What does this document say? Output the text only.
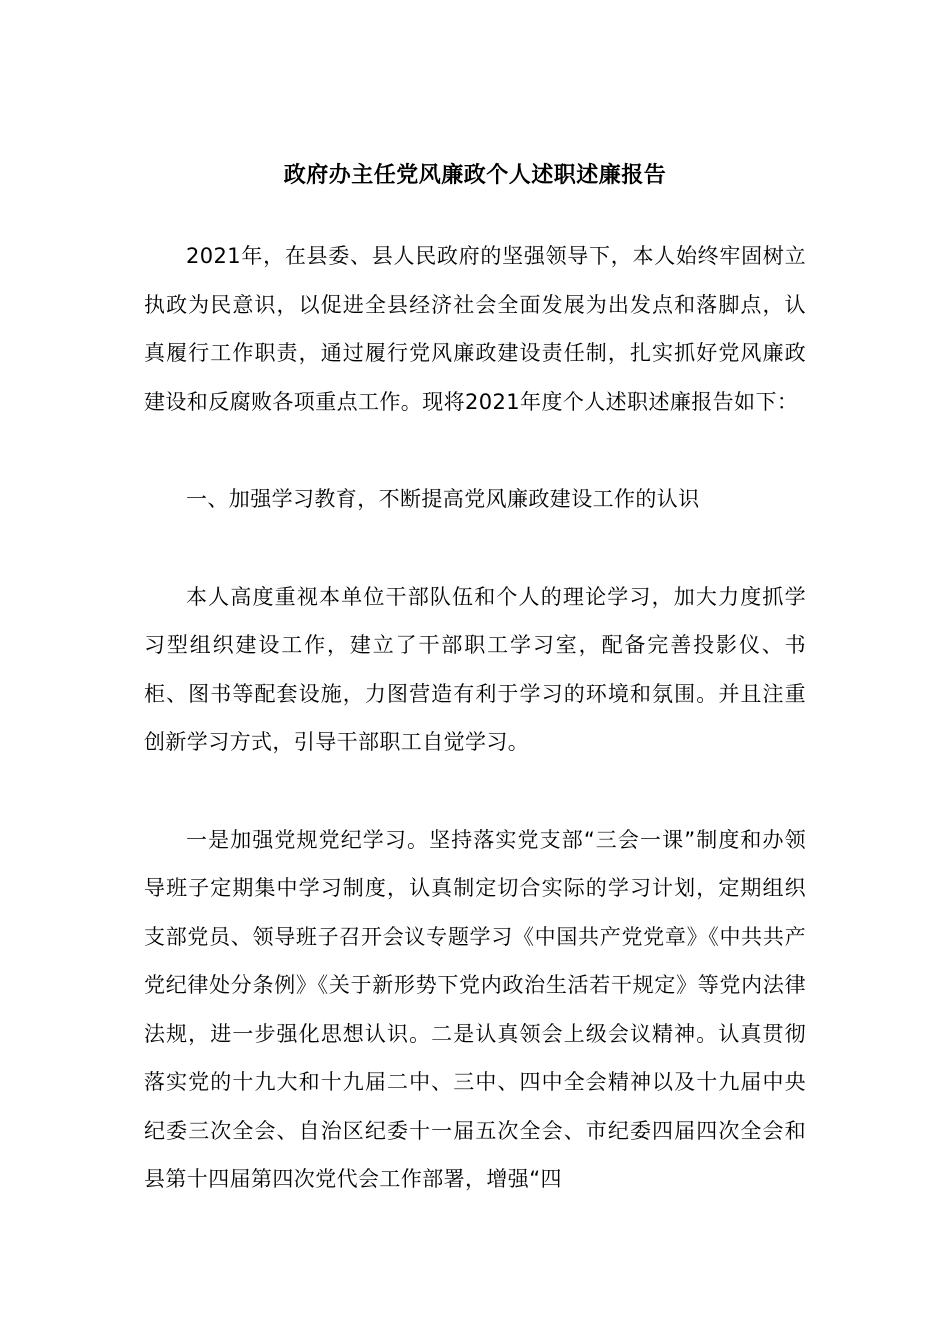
政府办主任党风廉政个人述职述廉报告

2021年，在县委、县人民政府的坚强领导下，本人始终牢固树立执政为民意识，以促进全县经济社会全面发展为出发点和落脚点，认真履行工作职责，通过履行党风廉政建设责任制，扎实抓好党风廉政建设和反腐败各项重点工作。现将2021年度个人述职述廉报告如下：

一、加强学习教育，不断提高党风廉政建设工作的认识

本人高度重视本单位干部队伍和个人的理论学习，加大力度抓学习型组织建设工作，建立了干部职工学习室，配备完善投影仪、书柜、图书等配套设施，力图营造有利于学习的环境和氛围。并且注重创新学习方式，引导干部职工自觉学习。

一是加强党规党纪学习。坚持落实党支部“三会一课”制度和办领导班子定期集中学习制度，认真制定切合实际的学习计划，定期组织支部党员、领导班子召开会议专题学习《中国共产党党章》《中共共产党纪律处分条例》《关于新形势下党内政治生活若干规定》等党内法律法规，进一步强化思想认识。二是认真领会上级会议精神。认真贯彻落实党的十九大和十九届二中、三中、四中全会精神以及十九届中央纪委三次全会、自治区纪委十一届五次全会、市纪委四届四次全会和县第十四届第四次党代会工作部署，增强“四
